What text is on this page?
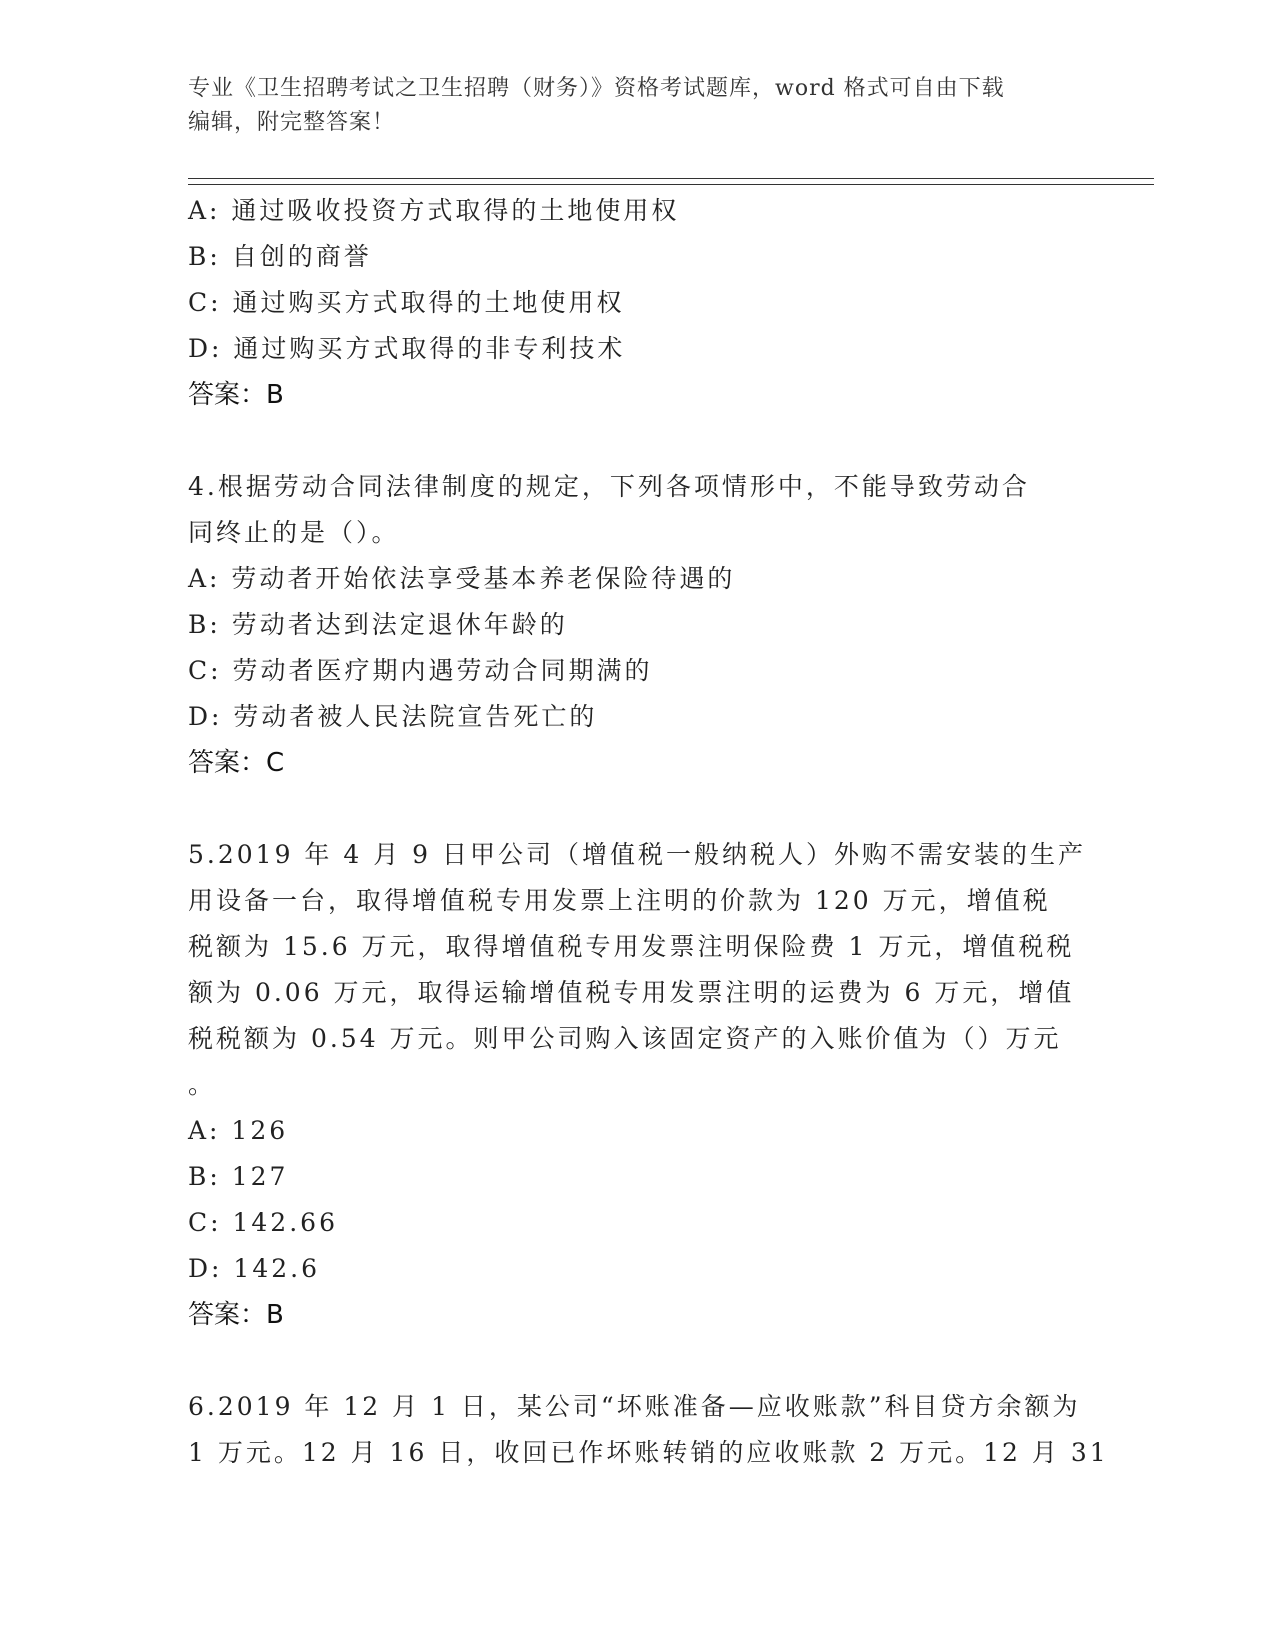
专业《卫生招聘考试之卫生招聘（财务）》资格考试题库，word 格式可自由下载
编辑，附完整答案！
A: 通过吸收投资方式取得的土地使用权
B: 自创的商誉
C: 通过购买方式取得的土地使用权
D: 通过购买方式取得的非专利技术
答案：B
4.根据劳动合同法律制度的规定，下列各项情形中，不能导致劳动合
同终止的是（）。
A: 劳动者开始依法享受基本养老保险待遇的
B: 劳动者达到法定退休年龄的
C: 劳动者医疗期内遇劳动合同期满的
D: 劳动者被人民法院宣告死亡的
答案：C
5.2019 年 4 月 9 日甲公司（增值税一般纳税人）外购不需安装的生产
用设备一台，取得增值税专用发票上注明的价款为 120 万元，增值税
税额为 15.6 万元，取得增值税专用发票注明保险费 1 万元，增值税税
额为 0.06 万元，取得运输增值税专用发票注明的运费为 6 万元，增值
税税额为 0.54 万元。则甲公司购入该固定资产的入账价值为（）万元
。
A: 126
B: 127
C: 142.66
D: 142.6
答案：B
6.2019 年 12 月 1 日，某公司“坏账准备—应收账款”科目贷方余额为
1 万元。12 月 16 日，收回已作坏账转销的应收账款 2 万元。12 月 31
